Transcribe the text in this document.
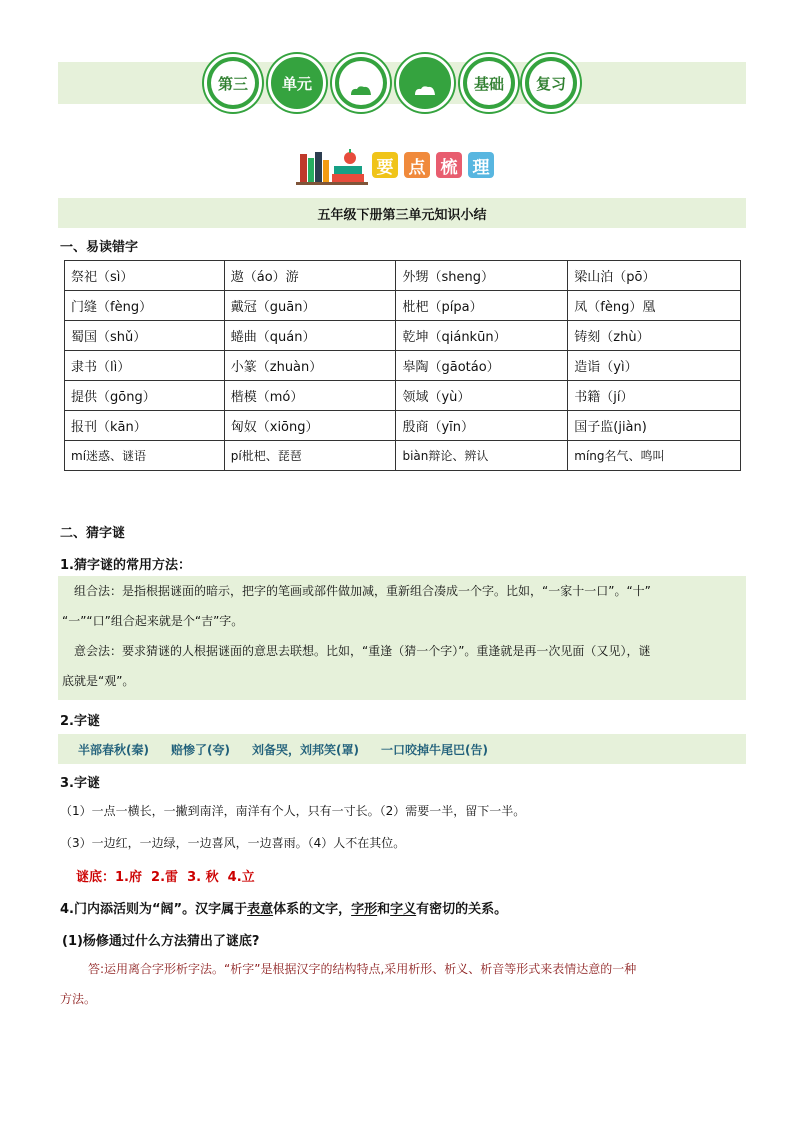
第三 单元	基础 复习
要 点 梳 理
五年级下册第三单元知识小结
一、易读错字
祭祀（sì）	遨（áo）游	外甥（sheng）	梁山泊（pō）
门缝（fèng）	戴冠（guān）	枇杷（pípa）	凤（fèng）凰
蜀国（shǔ）	蜷曲（quán）	乾坤（qiánkūn）	铸刻（zhù）
隶书（lì）	小篆（zhuàn）	皋陶（gāotáo）	造诣（yì）
提供（gōng）	楷模（mó）	领域（yù）	书籍（jí）
报刊（kān）	匈奴（xiōng）	殷商（yīn）	国子监(jiàn)
mí迷惑、谜语	pí枇杷、琵琶	biàn辩论、辨认	míng名气、鸣叫
二、猜字谜
1.猜字谜的常用方法：
组合法：是指根据谜面的暗示，把字的笔画或部件做加减，重新组合凑成一个字。比如，“一家十一口”。“十”
“一”“口”组合起来就是个“吉”字。
意会法：要求猜谜的人根据谜面的意思去联想。比如，“重逢（猜一个字）”。重逢就是再一次见面（又见），谜
底就是“观”。
2.字谜
半部春秋(秦) 赔惨了(夸) 刘备哭，刘邦笑(罩) 一口咬掉牛尾巴(告)
3.字谜
（1）一点一横长，一撇到南洋，南洋有个人，只有一寸长。（2）需要一半，留下一半。
（3）一边红，一边绿，一边喜风，一边喜雨。（4）人不在其位。
谜底：1.府  2.雷  3. 秋  4.立
4.门内添活则为“阔”。汉字属于表意体系的文字，字形和字义有密切的关系。
(1)杨修通过什么方法猜出了谜底?
答:运用离合字形析字法。“析字”是根据汉字的结构特点,采用析形、析义、析音等形式来表情达意的一种
方法。
